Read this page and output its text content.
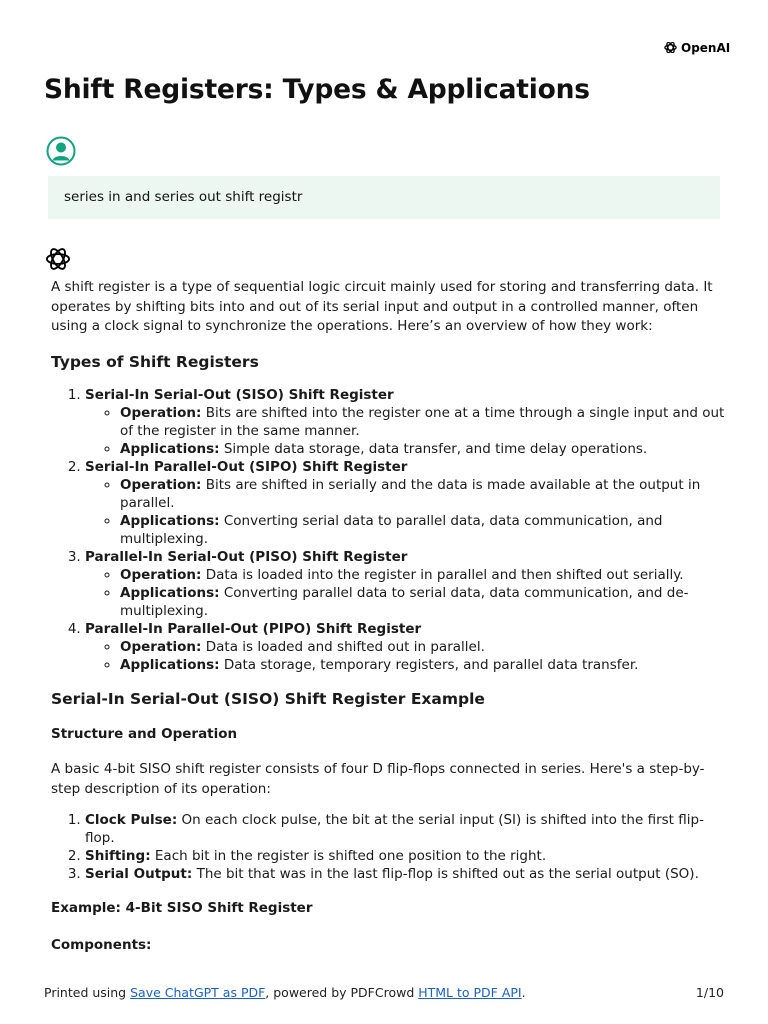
OpenAI
Shift Registers: Types & Applications
series in and series out shift registr

A shift register is a type of sequential logic circuit mainly used for storing and transferring data. It operates by shifting bits into and out of its serial input and output in a controlled manner, often using a clock signal to synchronize the operations. Here’s an overview of how they work:

Types of Shift Registers
1. Serial-In Serial-Out (SISO) Shift Register
◦ Operation: Bits are shifted into the register one at a time through a single input and out of the register in the same manner.
◦ Applications: Simple data storage, data transfer, and time delay operations.
2. Serial-In Parallel-Out (SIPO) Shift Register
◦ Operation: Bits are shifted in serially and the data is made available at the output in parallel.
◦ Applications: Converting serial data to parallel data, data communication, and multiplexing.
3. Parallel-In Serial-Out (PISO) Shift Register
◦ Operation: Data is loaded into the register in parallel and then shifted out serially.
◦ Applications: Converting parallel data to serial data, data communication, and de-multiplexing.
4. Parallel-In Parallel-Out (PIPO) Shift Register
◦ Operation: Data is loaded and shifted out in parallel.
◦ Applications: Data storage, temporary registers, and parallel data transfer.
Serial-In Serial-Out (SISO) Shift Register Example
Structure and Operation

A basic 4-bit SISO shift register consists of four D flip-flops connected in series. Here's a step-by-step description of its operation:

1. Clock Pulse: On each clock pulse, the bit at the serial input (SI) is shifted into the first flip-flop.
2. Shifting: Each bit in the register is shifted one position to the right.
3. Serial Output: The bit that was in the last flip-flop is shifted out as the serial output (SO).
Example: 4-Bit SISO Shift Register
Components:
Printed using Save ChatGPT as PDF, powered by PDFCrowd HTML to PDF API.	1/10
